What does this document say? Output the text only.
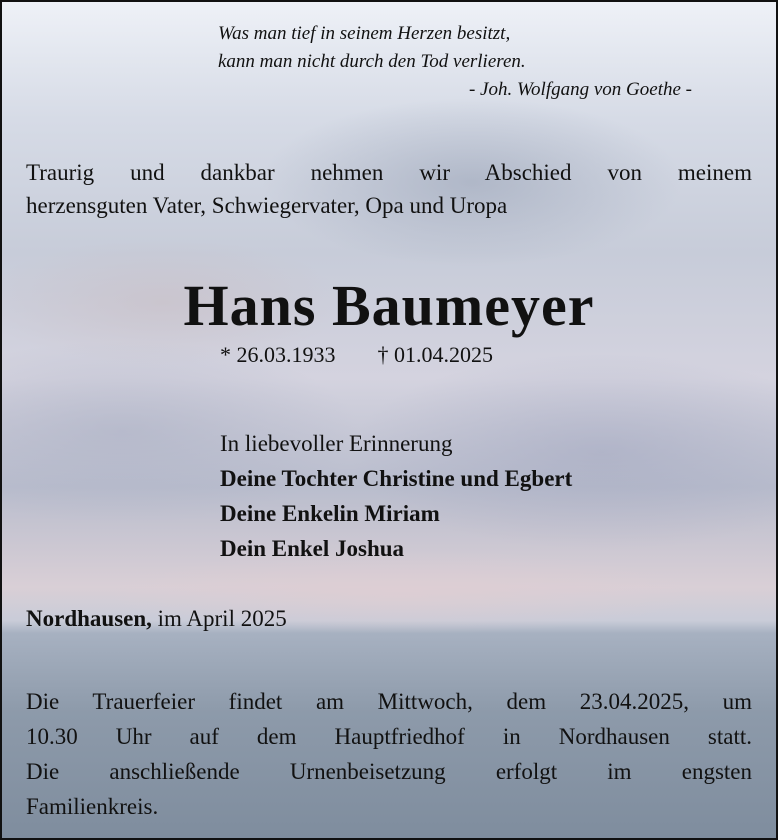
Was man tief in seinem Herzen besitzt,
kann man nicht durch den Tod verlieren.
- Joh. Wolfgang von Goethe -

Traurig und dankbar nehmen wir Abschied von meinem

herzensguten Vater, Schwiegervater, Opa und Uropa

Hans Baumeyer
* 26.03.1933 † 01.04.2025
In liebevoller Erinnerung
Deine Tochter Christine und Egbert
Deine Enkelin Miriam
Dein Enkel Joshua
Nordhausen, im April 2025
Die Trauerfeier findet am Mittwoch, dem 23.04.2025, um
10.30 Uhr auf dem Hauptfriedhof in Nordhausen statt.
Die anschließende Urnenbeisetzung erfolgt im engsten
Familienkreis.
